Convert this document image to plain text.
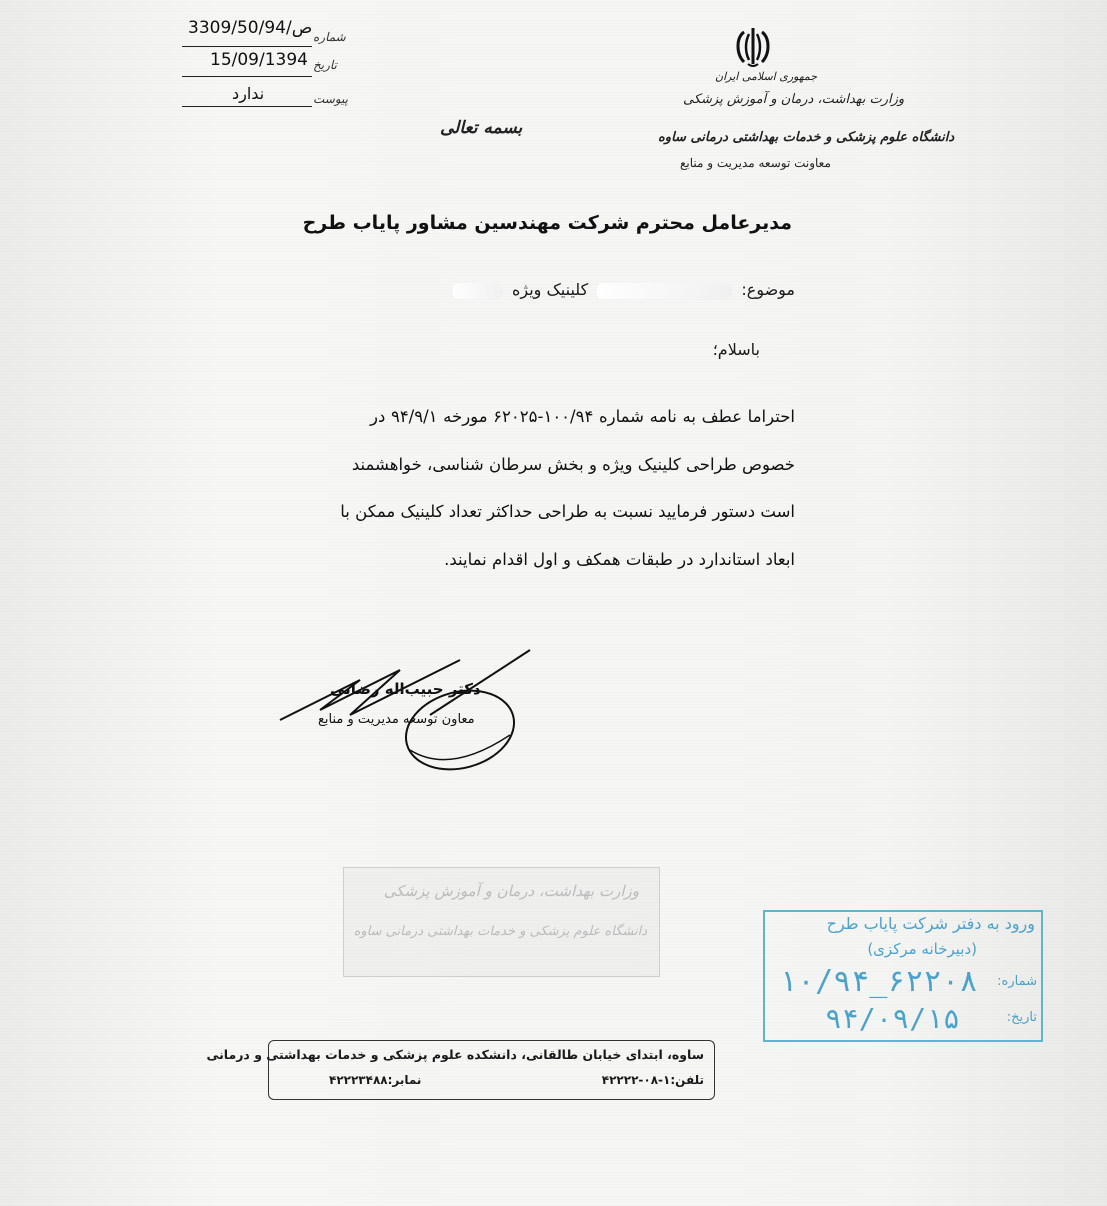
3309/50/ص/94 شماره
15/09/1394 تاریخ
ندارد	پیوست
جمهوری اسلامی ایران
وزارت بهداشت، درمان و آموزش پزشکی
دانشگاه علوم پزشکی و خدمات بهداشتی درمانی ساوه
معاونت توسعه مدیریت و منابع
بسمه تعالی
مدیرعامل محترم شرکت مهندسین مشاور پایاب طرح
موضوع:  کلینیک ویژه
باسلام؛
احتراما عطف به نامه شماره ۱۰۰/۹۴-۶۲۰۲۵ مورخه ۹۴/۹/۱ در
خصوص طراحی کلینیک ویژه و بخش سرطان شناسی، خواهشمند
است دستور فرمایید نسبت به طراحی حداکثر تعداد کلینیک ممکن با
ابعاد استاندارد در طبقات همکف و اول اقدام نمایند.
دکتر حبیب‌اله رضایی
معاون توسعه مدیریت و منابع
وزارت بهداشت، درمان و آموزش پزشکی
دانشگاه علوم پزشکی و خدمات بهداشتی درمانی ساوه	ورود به دفتر شرکت پایاب طرح
(دبیرخانه مرکزی)
شماره:
۱۰/۹۴_۶۲۲۰۸
تاریخ:
۹۴/۰۹/۱۵
ساوه، ابتدای خیابان طالقانی، دانشکده علوم پزشکی و خدمات بهداشتی و درمانی
تلفن:۱-۰۸-۴۲۲۲۲
نمابر:۴۲۲۲۳۴۸۸
